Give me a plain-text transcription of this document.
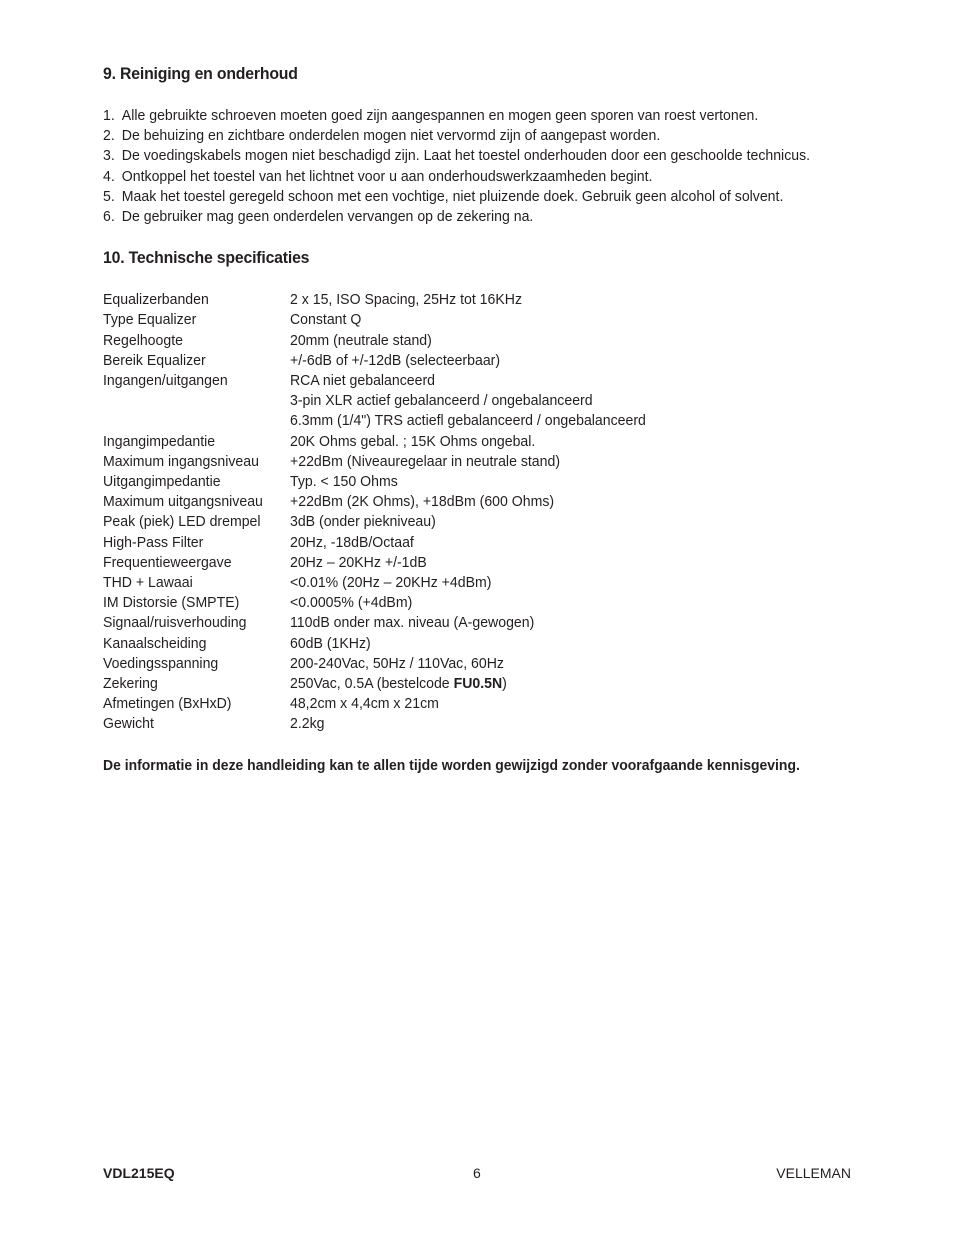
9. Reiniging en onderhoud
1. Alle gebruikte schroeven moeten goed zijn aangespannen en mogen geen sporen van roest vertonen.
2. De behuizing en zichtbare onderdelen mogen niet vervormd zijn of aangepast worden.
3. De voedingskabels mogen niet beschadigd zijn. Laat het toestel onderhouden door een geschoolde technicus.
4. Ontkoppel het toestel van het lichtnet voor u aan onderhoudswerkzaamheden begint.
5. Maak het toestel geregeld schoon met een vochtige, niet pluizende doek. Gebruik geen alcohol of solvent.
6. De gebruiker mag geen onderdelen vervangen op de zekering na.
10. Technische specificaties
Equalizerbanden	2 x 15, ISO Spacing, 25Hz tot 16KHz
Type Equalizer	Constant Q
Regelhoogte	20mm (neutrale stand)
Bereik Equalizer	+/-6dB of +/-12dB (selecteerbaar)
Ingangen/uitgangen	RCA niet gebalanceerd
	3-pin XLR actief gebalanceerd / ongebalanceerd
	6.3mm (1/4") TRS actiefl gebalanceerd / ongebalanceerd
Ingangimpedantie	20K Ohms gebal. ; 15K Ohms ongebal.
Maximum ingangsniveau	+22dBm (Niveauregelaar in neutrale stand)
Uitgangimpedantie	Typ. < 150 Ohms
Maximum uitgangsniveau	+22dBm (2K Ohms), +18dBm (600 Ohms)
Peak (piek) LED drempel	3dB (onder piekniveau)
High-Pass Filter	20Hz, -18dB/Octaaf
Frequentieweergave	20Hz – 20KHz +/-1dB
THD + Lawaai	<0.01% (20Hz – 20KHz +4dBm)
IM Distorsie (SMPTE)	<0.0005% (+4dBm)
Signaal/ruisverhouding	110dB onder max. niveau (A-gewogen)
Kanaalscheiding	60dB (1KHz)
Voedingsspanning	200-240Vac, 50Hz / 110Vac, 60Hz
Zekering	250Vac, 0.5A (bestelcode FU0.5N)
Afmetingen (BxHxD)	48,2cm x 4,4cm x 21cm
Gewicht	2.2kg
De informatie in deze handleiding kan te allen tijde worden gewijzigd zonder voorafgaande kennisgeving.
VDL215EQ	6	VELLEMAN
